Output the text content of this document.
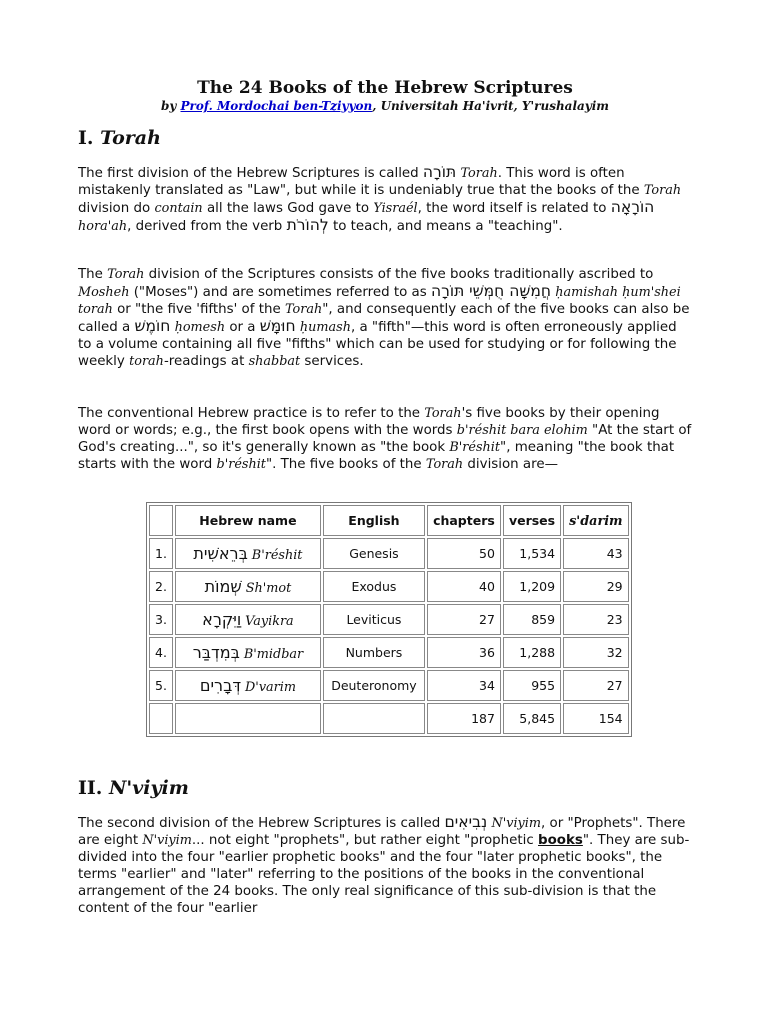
The 24 Books of the Hebrew Scriptures
by Prof. Mordochai ben-Tziyyon, Universitah Ha'ivrit, Y'rushalayim
I. Torah

The first division of the Hebrew Scriptures is called תּוֹרָה Torah. This word is often mistakenly translated as "Law", but while it is undeniably true that the books of the Torah division do contain all the laws God gave to Yisraél, the word itself is related to הוֹרָאָה hora'ah, derived from the verb לְהוֹרֹת to teach, and means a "teaching".

The Torah division of the Scriptures consists of the five books traditionally ascribed to Mosheh ("Moses") and are sometimes referred to as חֲמִשָּׁה חֻמְּשֵׁי תּוֹרָה ḥamishah ḥum'shei torah or "the five 'fifths' of the Torah", and consequently each of the five books can also be called a חוֹמֶשׁ ḥomesh or a חוּמָּשׁ ḥumash, a "fifth"—this word is often erroneously applied to a volume containing all five "fifths" which can be used for studying or for following the weekly torah-readings at shabbat services.

The conventional Hebrew practice is to refer to the Torah's five books by their opening word or words; e.g., the first book opens with the words b'réshit bara elohim "At the start of God's creating...", so it's generally known as "the book B'réshit", meaning "the book that starts with the word b'réshit". The five books of the Torah division are—

	Hebrew name	English	chapters	verses	s'darim
1.	בְּרֵאשִׁית B'réshit	Genesis	50	1,534	43
2.	שְׁמוֹת Sh'mot	Exodus	40	1,209	29
3.	וַיִּקְרָא Vayikra	Leviticus	27	859	23
4.	בְּמִדְבַּר B'midbar	Numbers	36	1,288	32
5.	דְּבָרִים D'varim	Deuteronomy	34	955	27
			187	5,845	154
II. N'viyim

The second division of the Hebrew Scriptures is called נְבִיאִים N'viyim, or "Prophets". There are eight N'viyim... not eight "prophets", but rather eight "prophetic books". They are sub-divided into the four "earlier prophetic books" and the four "later prophetic books", the terms "earlier" and "later" referring to the positions of the books in the conventional arrangement of the 24 books. The only real significance of this sub-division is that the content of the four "earlier
